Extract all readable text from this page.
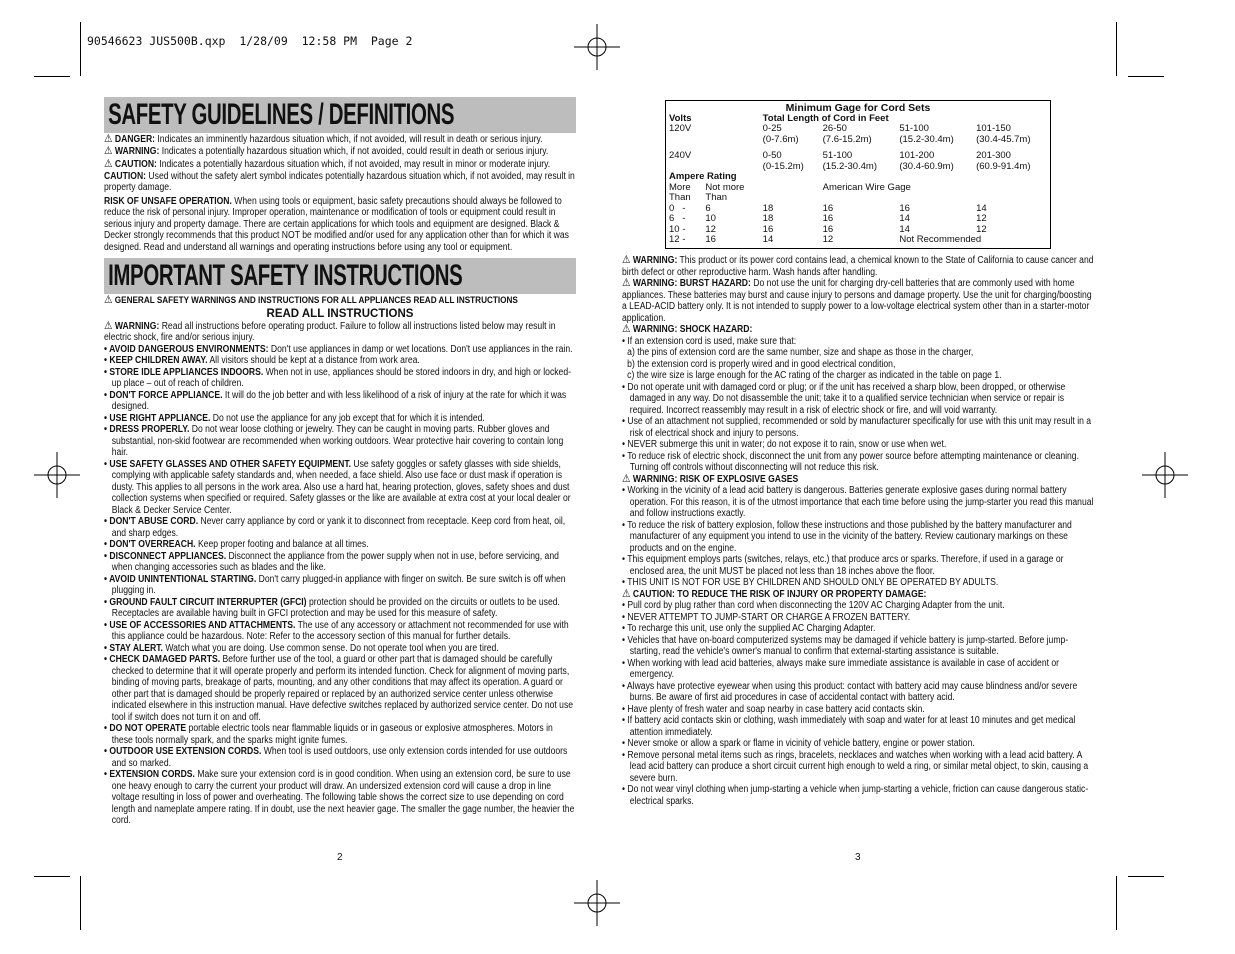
90546623 JUS500B.qxp  1/28/09  12:58 PM  Page 2
SAFETY GUIDELINES / DEFINITIONS

⚠ DANGER: Indicates an imminently hazardous situation which, if not avoided, will result in death or serious injury.

⚠ WARNING: Indicates a potentially hazardous situation which, if not avoided, could result in death or serious injury.

⚠ CAUTION: Indicates a potentially hazardous situation which, if not avoided, may result in minor or moderate injury.

CAUTION: Used without the safety alert symbol indicates potentially hazardous situation which, if not avoided, may result in property damage.

RISK OF UNSAFE OPERATION. When using tools or equipment, basic safety precautions should always be followed to reduce the risk of personal injury. Improper operation, maintenance or modification of tools or equipment could result in serious injury and property damage. There are certain applications for which tools and equipment are designed. Black & Decker strongly recommends that this product NOT be modified and/or used for any application other than for which it was designed. Read and understand all warnings and operating instructions before using any tool or equipment.

IMPORTANT SAFETY INSTRUCTIONS

⚠ GENERAL SAFETY WARNINGS AND INSTRUCTIONS FOR ALL APPLIANCES READ ALL INSTRUCTIONS

READ ALL INSTRUCTIONS

⚠ WARNING: Read all instructions before operating product. Failure to follow all instructions listed below may result in electric shock, fire and/or serious injury.

• AVOID DANGEROUS ENVIRONMENTS: Don't use appliances in damp or wet locations. Don't use appliances in the rain.

• KEEP CHILDREN AWAY. All visitors should be kept at a distance from work area.

• STORE IDLE APPLIANCES INDOORS. When not in use, appliances should be stored indoors in dry, and high or locked-up place – out of reach of children.

• DON'T FORCE APPLIANCE. It will do the job better and with less likelihood of a risk of injury at the rate for which it was designed.

• USE RIGHT APPLIANCE. Do not use the appliance for any job except that for which it is intended.

• DRESS PROPERLY. Do not wear loose clothing or jewelry. They can be caught in moving parts. Rubber gloves and substantial, non-skid footwear are recommended when working outdoors. Wear protective hair covering to contain long hair.

• USE SAFETY GLASSES AND OTHER SAFETY EQUIPMENT. Use safety goggles or safety glasses with side shields, complying with applicable safety standards and, when needed, a face shield. Also use face or dust mask if operation is dusty. This applies to all persons in the work area. Also use a hard hat, hearing protection, gloves, safety shoes and dust collection systems when specified or required. Safety glasses or the like are available at extra cost at your local dealer or Black & Decker Service Center.

• DON'T ABUSE CORD. Never carry appliance by cord or yank it to disconnect from receptacle. Keep cord from heat, oil, and sharp edges.

• DON'T OVERREACH. Keep proper footing and balance at all times.

• DISCONNECT APPLIANCES. Disconnect the appliance from the power supply when not in use, before servicing, and when changing accessories such as blades and the like.

• AVOID UNINTENTIONAL STARTING. Don't carry plugged-in appliance with finger on switch. Be sure switch is off when plugging in.

• GROUND FAULT CIRCUIT INTERRUPTER (GFCI) protection should be provided on the circuits or outlets to be used. Receptacles are available having built in GFCI protection and may be used for this measure of safety.

• USE OF ACCESSORIES AND ATTACHMENTS. The use of any accessory or attachment not recommended for use with this appliance could be hazardous. Note: Refer to the accessory section of this manual for further details.

• STAY ALERT. Watch what you are doing. Use common sense. Do not operate tool when you are tired.

• CHECK DAMAGED PARTS. Before further use of the tool, a guard or other part that is damaged should be carefully checked to determine that it will operate properly and perform its intended function. Check for alignment of moving parts, binding of moving parts, breakage of parts, mounting, and any other conditions that may affect its operation. A guard or other part that is damaged should be properly repaired or replaced by an authorized service center unless otherwise indicated elsewhere in this instruction manual. Have defective switches replaced by authorized service center. Do not use tool if switch does not turn it on and off.

• DO NOT OPERATE portable electric tools near flammable liquids or in gaseous or explosive atmospheres. Motors in these tools normally spark, and the sparks might ignite fumes.

• OUTDOOR USE EXTENSION CORDS. When tool is used outdoors, use only extension cords intended for use outdoors and so marked.

• EXTENSION CORDS. Make sure your extension cord is in good condition. When using an extension cord, be sure to use one heavy enough to carry the current your product will draw. An undersized extension cord will cause a drop in line voltage resulting in loss of power and overheating. The following table shows the correct size to use depending on cord length and nameplate ampere rating. If in doubt, use the next heavier gage. The smaller the gage number, the heavier the cord.

2
Minimum Gage for Cord Sets					
Volts		Total Length of Cord in Feet			
120V		0-25	26-50	51-100	101-150
		(0-7.6m)	(7.6-15.2m)	(15.2-30.4m)	(30.4-45.7m)

240V		0-50	51-100	101-200	201-300
		(0-15.2m)	(15.2-30.4m)	(30.4-60.9m)	(60.9-91.4m)
Ampere Rating					
More	Not more		American Wire Gage		
Than	Than				
0 -	6	18	16	16	14
6 -	10	18	16	14	12
10 -	12	16	16	14	12
12 -	16	14	12	Not Recommended	

⚠ WARNING: This product or its power cord contains lead, a chemical known to the State of California to cause cancer and birth defect or other reproductive harm. Wash hands after handling.

⚠ WARNING: BURST HAZARD: Do not use the unit for charging dry-cell batteries that are commonly used with home appliances. These batteries may burst and cause injury to persons and damage property. Use the unit for charging/boosting a LEAD-ACID battery only. It is not intended to supply power to a low-voltage electrical system other than in a starter-motor application.

⚠ WARNING: SHOCK HAZARD:

• If an extension cord is used, make sure that:

a) the pins of extension cord are the same number, size and shape as those in the charger,

b) the extension cord is properly wired and in good electrical condition,

c) the wire size is large enough for the AC rating of the charger as indicated in the table on page 1.

• Do not operate unit with damaged cord or plug; or if the unit has received a sharp blow, been dropped, or otherwise damaged in any way. Do not disassemble the unit; take it to a qualified service technician when service or repair is required. Incorrect reassembly may result in a risk of electric shock or fire, and will void warranty.

• Use of an attachment not supplied, recommended or sold by manufacturer specifically for use with this unit may result in a risk of electrical shock and injury to persons.

• NEVER submerge this unit in water; do not expose it to rain, snow or use when wet.

• To reduce risk of electric shock, disconnect the unit from any power source before attempting maintenance or cleaning. Turning off controls without disconnecting will not reduce this risk.

⚠ WARNING: RISK OF EXPLOSIVE GASES

• Working in the vicinity of a lead acid battery is dangerous. Batteries generate explosive gases during normal battery operation. For this reason, it is of the utmost importance that each time before using the jump-starter you read this manual and follow instructions exactly.

• To reduce the risk of battery explosion, follow these instructions and those published by the battery manufacturer and manufacturer of any equipment you intend to use in the vicinity of the battery. Review cautionary markings on these products and on the engine.

• This equipment employs parts (switches, relays, etc.) that produce arcs or sparks. Therefore, if used in a garage or enclosed area, the unit MUST be placed not less than 18 inches above the floor.

• THIS UNIT IS NOT FOR USE BY CHILDREN AND SHOULD ONLY BE OPERATED BY ADULTS.

⚠ CAUTION: TO REDUCE THE RISK OF INJURY OR PROPERTY DAMAGE:

• Pull cord by plug rather than cord when disconnecting the 120V AC Charging Adapter from the unit.

• NEVER ATTEMPT TO JUMP-START OR CHARGE A FROZEN BATTERY.

• To recharge this unit, use only the supplied AC Charging Adapter.

• Vehicles that have on-board computerized systems may be damaged if vehicle battery is jump-started. Before jump-starting, read the vehicle's owner's manual to confirm that external-starting assistance is suitable.

• When working with lead acid batteries, always make sure immediate assistance is available in case of accident or emergency.

• Always have protective eyewear when using this product: contact with battery acid may cause blindness and/or severe burns. Be aware of first aid procedures in case of accidental contact with battery acid.

• Have plenty of fresh water and soap nearby in case battery acid contacts skin.

• If battery acid contacts skin or clothing, wash immediately with soap and water for at least 10 minutes and get medical attention immediately.

• Never smoke or allow a spark or flame in vicinity of vehicle battery, engine or power station.

• Remove personal metal items such as rings, bracelets, necklaces and watches when working with a lead acid battery. A lead acid battery can produce a short circuit current high enough to weld a ring, or similar metal object, to skin, causing a severe burn.

• Do not wear vinyl clothing when jump-starting a vehicle when jump-starting a vehicle, friction can cause dangerous static-electrical sparks.

3
